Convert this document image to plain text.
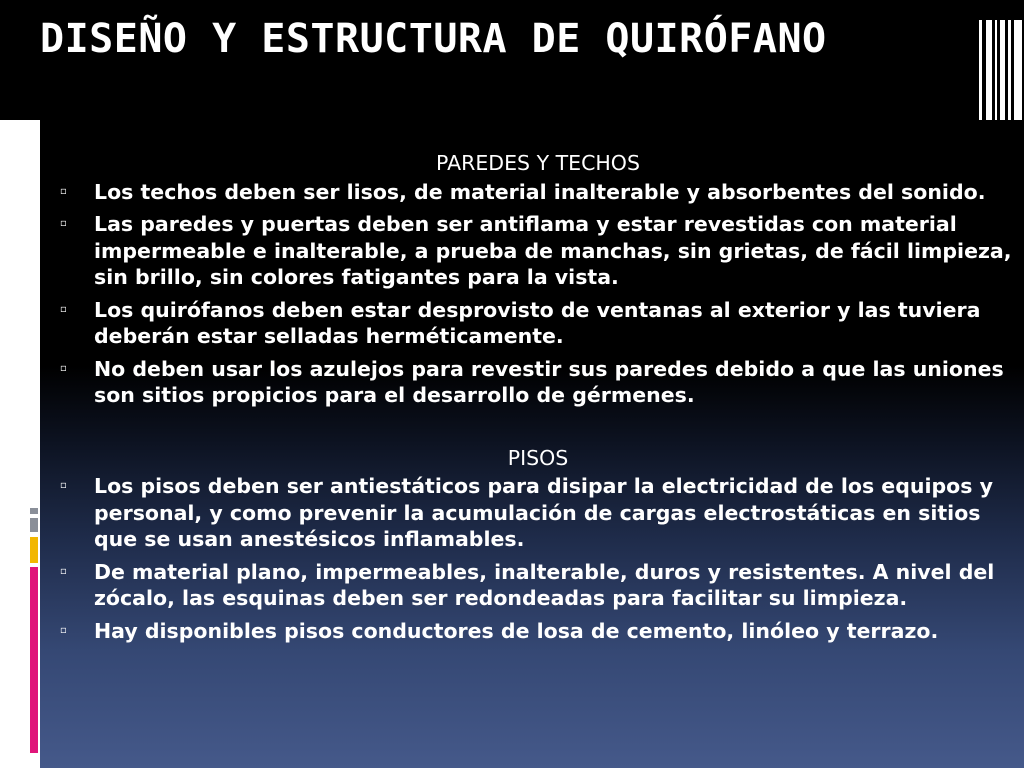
DISEÑO Y ESTRUCTURA DE QUIRÓFANO
PAREDES Y TECHOS
▫ Los techos deben ser lisos, de material inalterable y absorbentes del sonido.
▫ Las paredes y puertas deben ser antiflama y estar revestidas con material impermeable e inalterable, a prueba de manchas, sin grietas, de fácil limpieza, sin brillo, sin colores fatigantes para la vista.
▫ Los quirófanos deben estar desprovisto de ventanas al exterior y las tuviera deberán estar selladas herméticamente.
▫ No deben usar los azulejos para revestir sus paredes debido a que las uniones son sitios propicios para el desarrollo de gérmenes.
PISOS
▫ Los pisos deben ser antiestáticos para disipar la electricidad de los equipos y personal, y como prevenir la acumulación de cargas electrostáticas en sitios que se usan anestésicos inflamables.
▫ De material plano, impermeables, inalterable, duros y resistentes. A nivel del zócalo, las esquinas deben ser redondeadas para facilitar su limpieza.
▫ Hay disponibles pisos conductores de losa de cemento, linóleo y terrazo.
